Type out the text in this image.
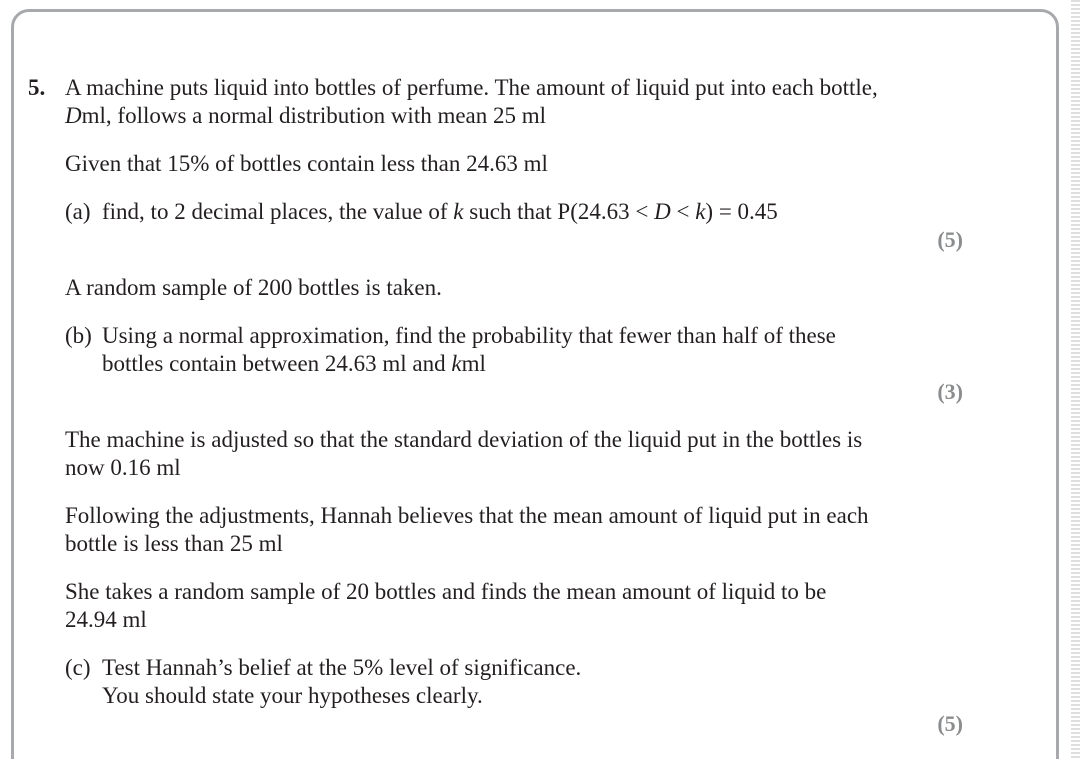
5. A machine puts liquid into bottles of perfume. The amount of liquid put into each bottle,
Dml, follows a normal distribution with mean 25 ml
Given that 15% of bottles contain less than 24.63 ml
(a) find, to 2 decimal places, the value of k such that P(24.63 < D < k) = 0.45
(5)
A random sample of 200 bottles is taken.
(b) Using a normal approximation, find the probability that fewer than half of these
bottles contain between 24.63 ml and kml
(3)
The machine is adjusted so that the standard deviation of the liquid put in the bottles is
now 0.16 ml
Following the adjustments, Hannah believes that the mean amount of liquid put in each
bottle is less than 25 ml
She takes a random sample of 20 bottles and finds the mean amount of liquid to be
24.94 ml
(c) Test Hannah’s belief at the 5% level of significance.
You should state your hypotheses clearly.
(5)
